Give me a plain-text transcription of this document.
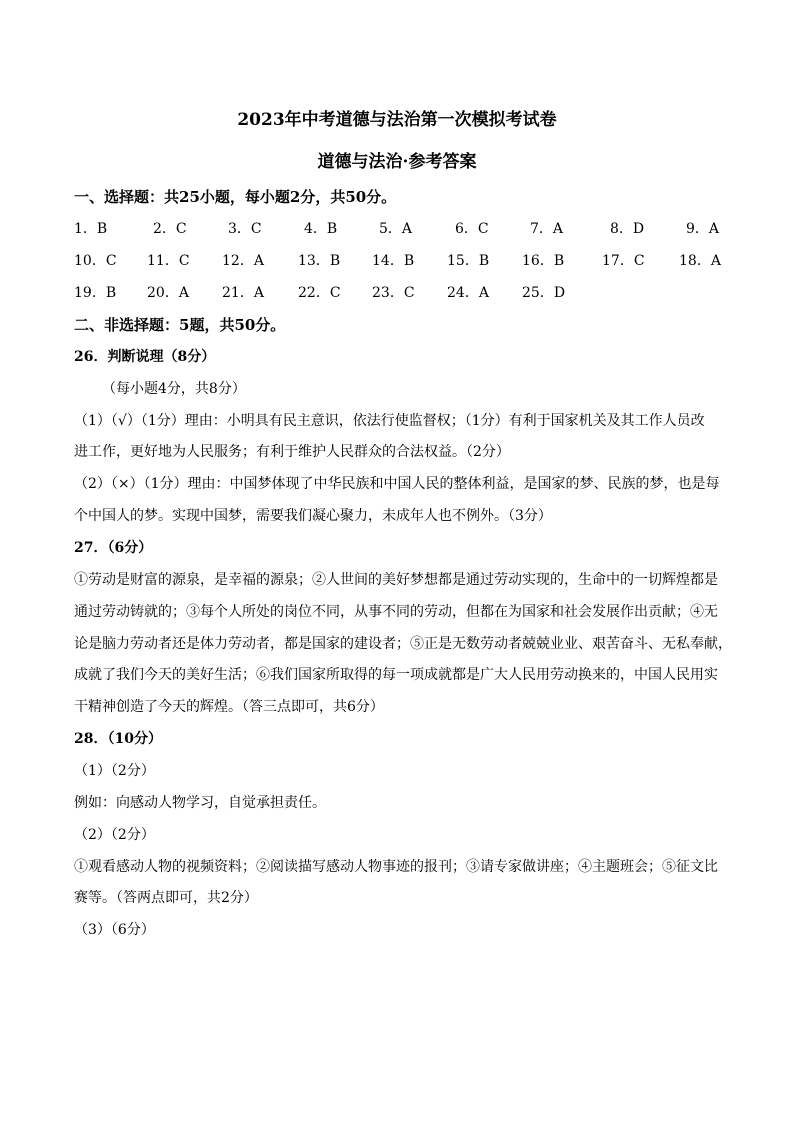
2023年中考道德与法治第一次模拟考试卷
道德与法治·参考答案
一、选择题：共25小题，每小题2分，共50分。
1．B	2．C	3．C	4．B	5．A	6．C	7．A	8．D	9．A
10．C 11．C 12．A 13．B 14．B 15．B 16．B	17．C 18．A
19．B 20．A 21．A 22．C 23．C 24．A 25．D
二、非选择题：5题，共50分。
26．判断说理（8分）
（每小题4分，共8分）
（1）（√）（1分）理由：小明具有民主意识，依法行使监督权；（1分）有利于国家机关及其工作人员改
进工作，更好地为人民服务；有利于维护人民群众的合法权益。（2分）
（2）（×）（1分）理由：中国梦体现了中华民族和中国人民的整体利益，是国家的梦、民族的梦，也是每
个中国人的梦。实现中国梦，需要我们凝心聚力，未成年人也不例外。（3分）
27．（6分）
①劳动是财富的源泉，是幸福的源泉；②人世间的美好梦想都是通过劳动实现的，生命中的一切辉煌都是
通过劳动铸就的；③每个人所处的岗位不同，从事不同的劳动，但都在为国家和社会发展作出贡献；④无
论是脑力劳动者还是体力劳动者，都是国家的建设者；⑤正是无数劳动者兢兢业业、艰苦奋斗、无私奉献，
成就了我们今天的美好生活；⑥我们国家所取得的每一项成就都是广大人民用劳动换来的，中国人民用实
干精神创造了今天的辉煌。（答三点即可，共6分）
28．（10分）
（1）（2分）
例如：向感动人物学习，自觉承担责任。
（2）（2分）
①观看感动人物的视频资料；②阅读描写感动人物事迹的报刊；③请专家做讲座；④主题班会；⑤征文比
赛等。（答两点即可，共2分）
（3）（6分）
